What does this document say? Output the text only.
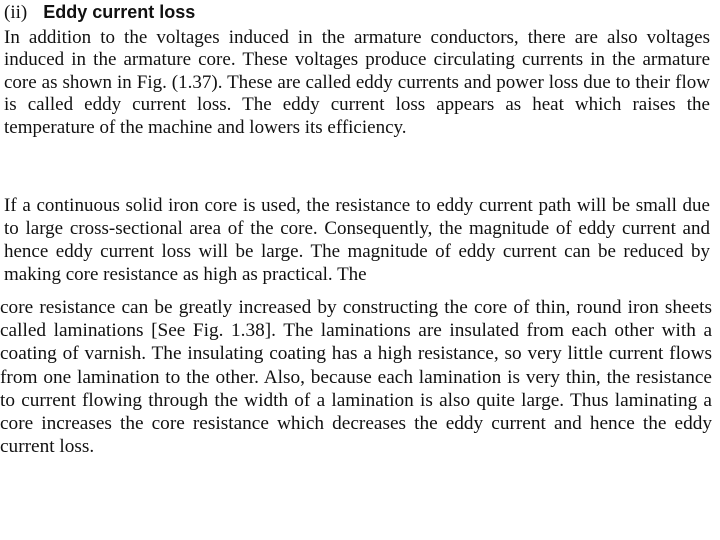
(ii) Eddy current loss

In addition to the voltages induced in the armature conductors, there are also voltages induced in the armature core. These voltages produce circulating currents in the armature core as shown in Fig. (1.37). These are called eddy currents and power loss due to their flow is called eddy current loss. The eddy current loss appears as heat which raises the temperature of the machine and lowers its efficiency.

If a continuous solid iron core is used, the resistance to eddy current path will be small due to large cross-sectional area of the core. Consequently, the magnitude of eddy current and hence eddy current loss will be large. The magnitude of eddy current can be reduced by making core resistance as high as practical. The

core resistance can be greatly increased by constructing the core of thin, round iron sheets called laminations [See Fig. 1.38]. The laminations are insulated from each other with a coating of varnish. The insulating coating has a high resistance, so very little current flows from one lamination to the other. Also, because each lamination is very thin, the resistance to current flowing through the width of a lamination is also quite large. Thus laminating a core increases the core resistance which decreases the eddy current and hence the eddy current loss.
